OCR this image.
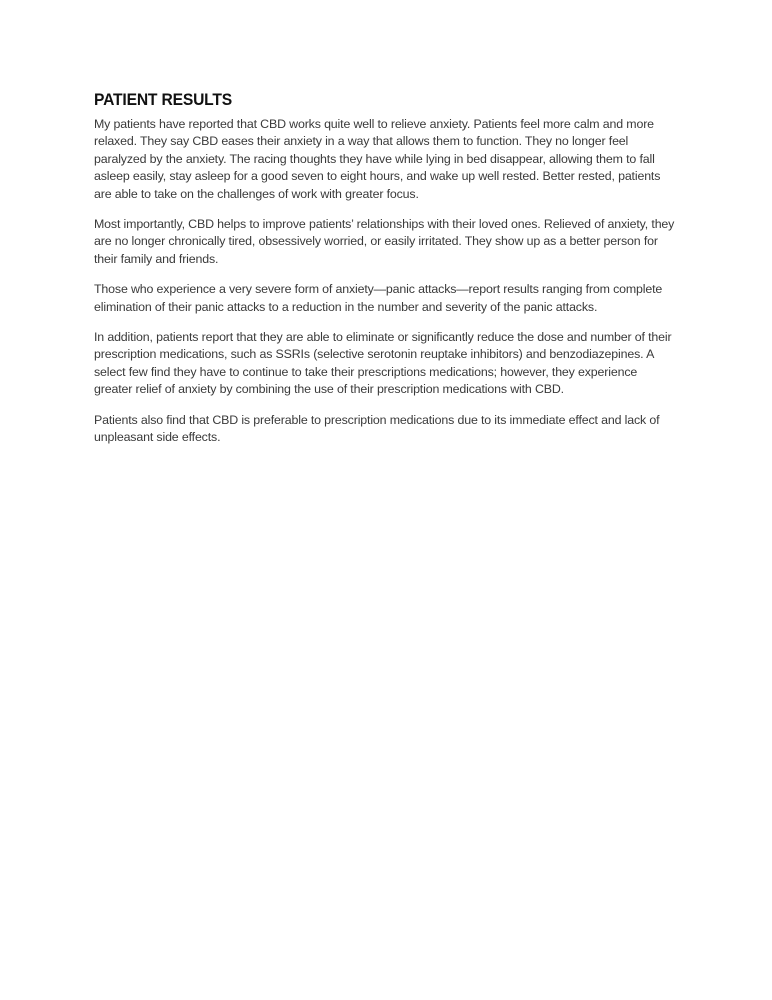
PATIENT RESULTS

My patients have reported that CBD works quite well to relieve anxiety. Patients feel more calm and more relaxed. They say CBD eases their anxiety in a way that allows them to function. They no longer feel paralyzed by the anxiety. The racing thoughts they have while lying in bed disappear, allowing them to fall asleep easily, stay asleep for a good seven to eight hours, and wake up well rested. Better rested, patients are able to take on the challenges of work with greater focus.

Most importantly, CBD helps to improve patients’ relationships with their loved ones. Relieved of anxiety, they are no longer chronically tired, obsessively worried, or easily irritated. They show up as a better person for their family and friends.

Those who experience a very severe form of anxiety—panic attacks—report results ranging from complete elimination of their panic attacks to a reduction in the number and severity of the panic attacks.

In addition, patients report that they are able to eliminate or significantly reduce the dose and number of their prescription medications, such as SSRIs (selective serotonin reuptake inhibitors) and benzodiazepines. A select few find they have to continue to take their prescriptions medications; however, they experience greater relief of anxiety by combining the use of their prescription medications with CBD.

Patients also find that CBD is preferable to prescription medications due to its immediate effect and lack of unpleasant side effects.
